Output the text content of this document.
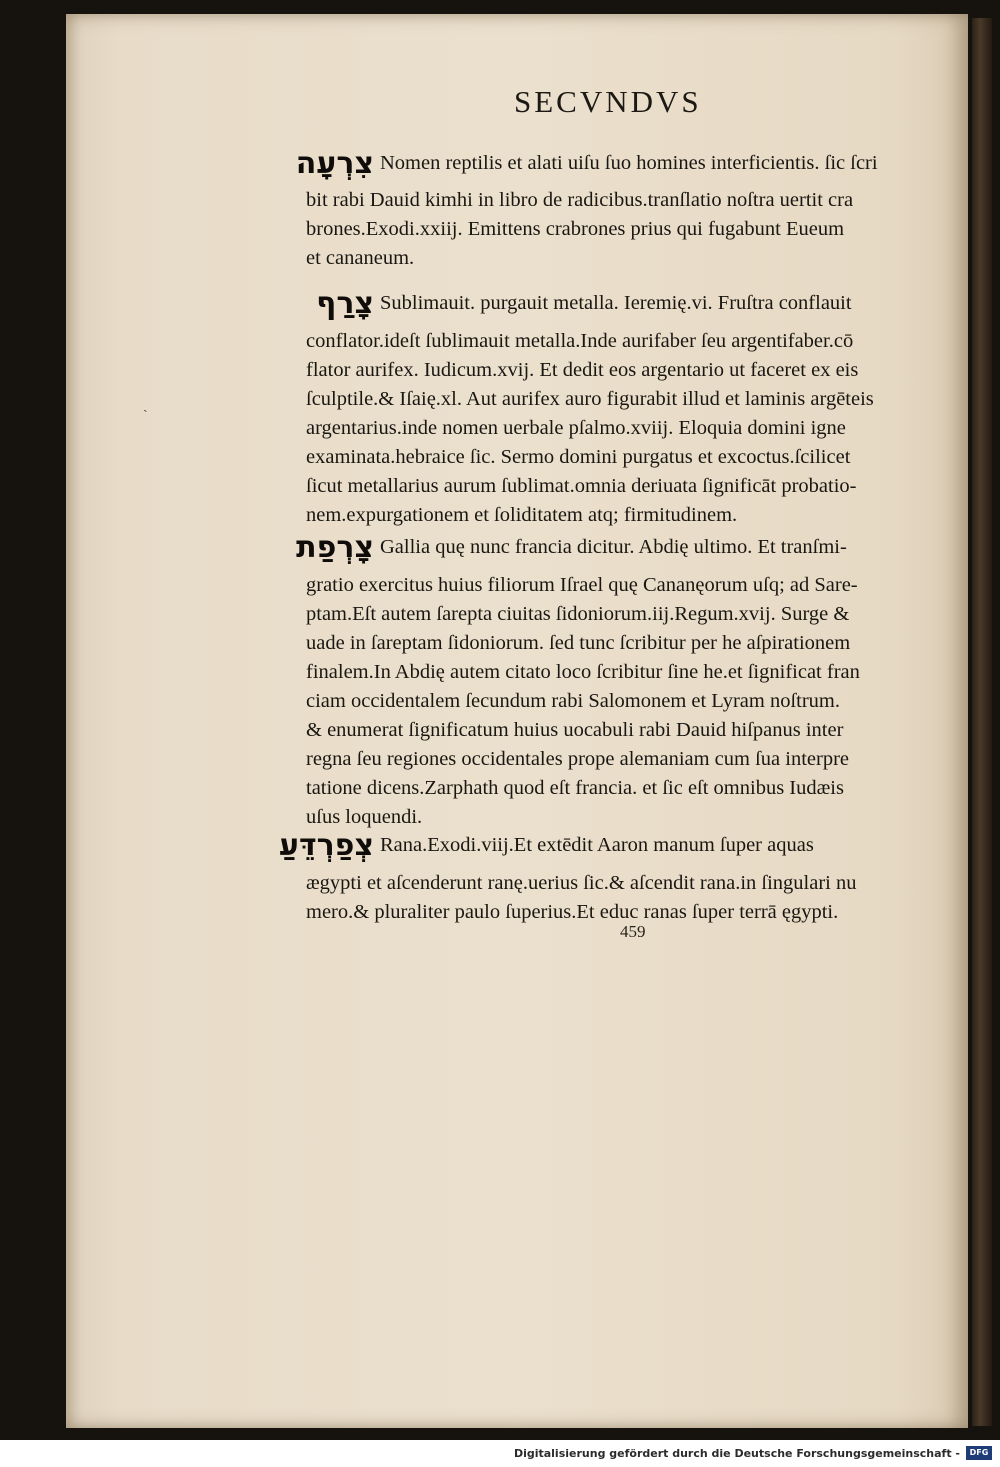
SECVNDVS
ˎ
צִרְעָה Nomen reptilis et alati uiſu ſuo homines interficientis. ſic ſcri
bit rabi Dauid kimhi in libro de radicibus.tranſlatio noſtra uertit cra
brones.Exodi.xxiij. Emittens crabrones prius qui fugabunt Eueum
et cananeum.
צָרַף Sublimauit. purgauit metalla. Ieremię.vi. Fruſtra conflauit
conflator.ideſt ſublimauit metalla.Inde aurifaber ſeu argentifaber.cō
flator aurifex. Iudicum.xvij. Et dedit eos argentario ut faceret ex eis
ſculptile.& Iſaię.xl. Aut aurifex auro figurabit illud et laminis argēteis
argentarius.inde nomen uerbale pſalmo.xviij. Eloquia domini igne
examinata.hebraice ſic. Sermo domini purgatus et excoctus.ſcilicet
ſicut metallarius aurum ſublimat.omnia deriuata ſignificāt probatio-
nem.expurgationem et ſoliditatem atq; firmitudinem.
צָרְפַת Gallia quę nunc francia dicitur. Abdię ultimo. Et tranſmi-
gratio exercitus huius filiorum Iſrael quę Cananęorum uſq; ad Sare-
ptam.Eſt autem ſarepta ciuitas ſidoniorum.iij.Regum.xvij. Surge &
uade in ſareptam ſidoniorum. ſed tunc ſcribitur per he aſpirationem
finalem.In Abdię autem citato loco ſcribitur ſine he.et ſignificat fran
ciam occidentalem ſecundum rabi Salomonem et Lyram noſtrum.
& enumerat ſignificatum huius uocabuli rabi Dauid hiſpanus inter
regna ſeu regiones occidentales prope alemaniam cum ſua interpre
tatione dicens.Zarphath quod eſt francia. et ſic eſt omnibus Iudæis
uſus loquendi.
צְפַרְדֵּעַ Rana.Exodi.viij.Et extēdit Aaron manum ſuper aquas
ægypti et aſcenderunt ranę.uerius ſic.& aſcendit rana.in ſingulari nu
mero.& pluraliter paulo ſuperius.Et educ ranas ſuper terrā ęgypti.
459
Digitalisierung gefördert durch die Deutsche Forschungsgemeinschaft -	DFG
